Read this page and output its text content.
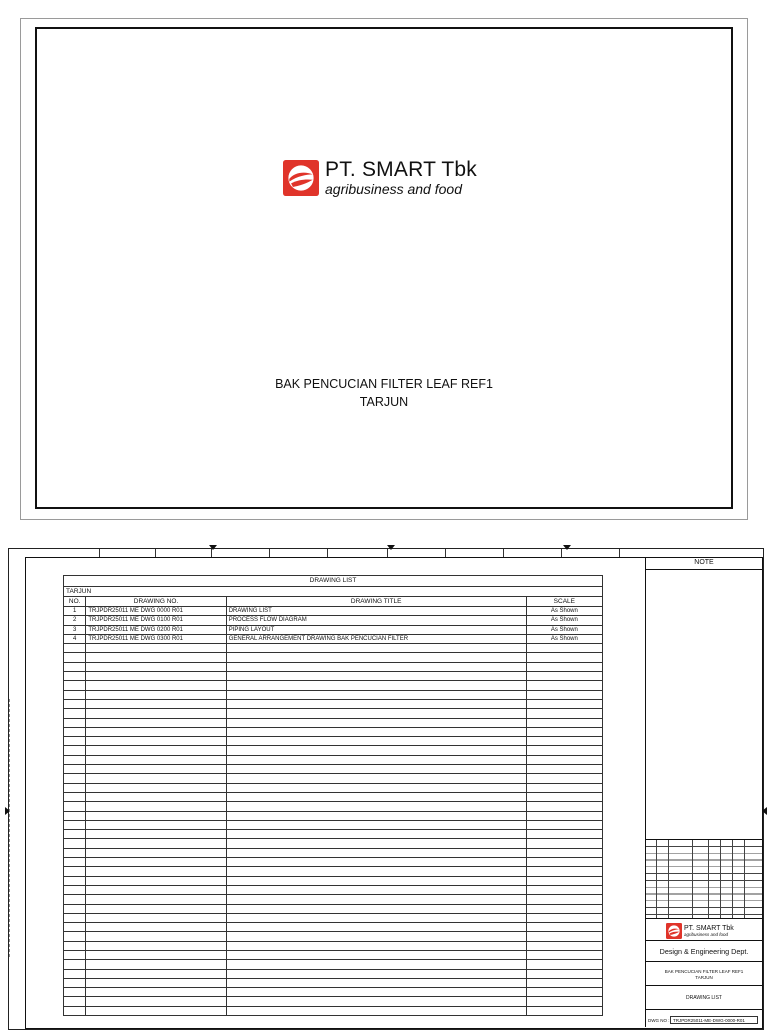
PT. SMART Tbk
agribusiness and food
BAK PENCUCIAN FILTER LEAF REF1
TARJUN
DRAWING LIST			
TARJUN			
NO.	DRAWING NO.	DRAWING TITLE	SCALE
1	TRJPDR25011 ME DWG 0000 R01	DRAWING LIST	As Shown
2	TRJPDR25011 ME DWG 0100 R01	PROCESS FLOW DIAGRAM	As Shown
3	TRJPDR25011 ME DWG 0200 R01	PIPING LAYOUT	As Shown
4	TRJPDR25011 ME DWG 0300 R01	GENERAL ARRANGEMENT DRAWING BAK PENCUCIAN FILTER	As Shown

NOTE
PT. SMART Tbk
agribusiness and food
Design & Engineering Dept.
BAK PENCUCIAN FILTER LEAF REF1
TARJUN
DRAWING LIST
DWG NO : TRJPDR25011-ME-DWG-0000-R01
